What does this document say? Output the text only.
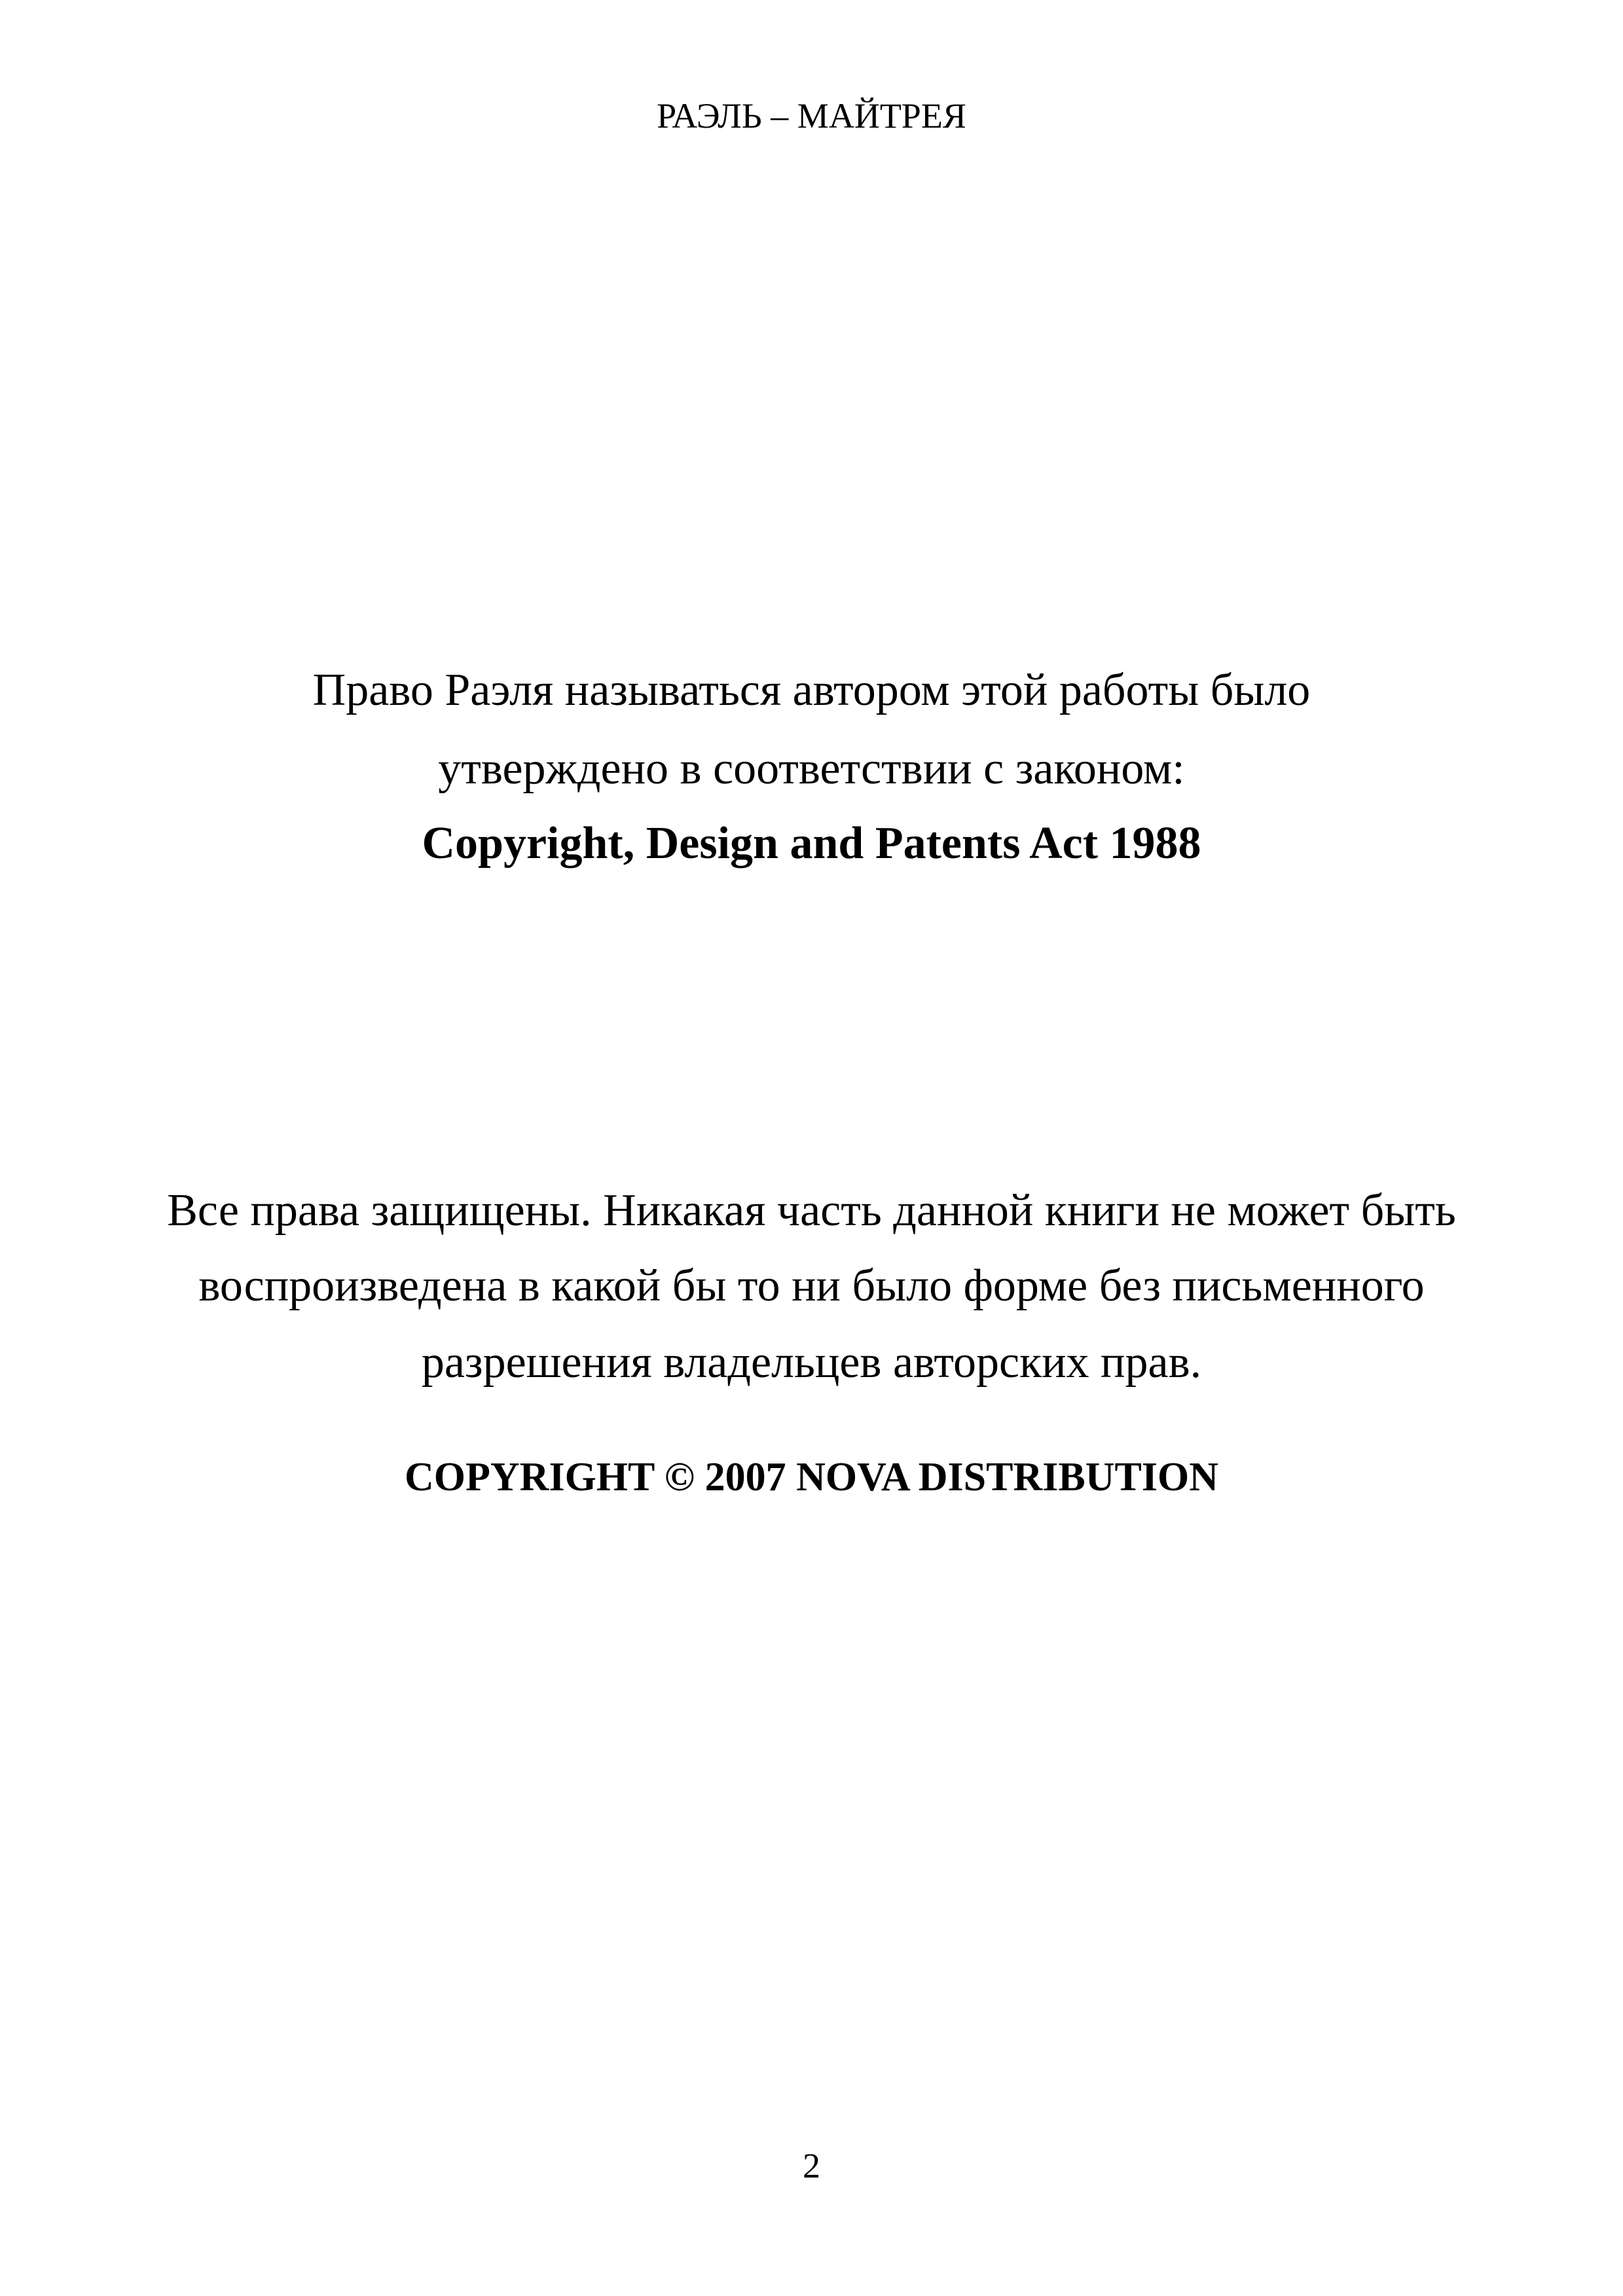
РАЭЛЬ – МАЙТРЕЯ
Право Раэля называться автором этой работы было
утверждено в соответствии с законом:
Copyright, Design and Patents Act 1988
Все права защищены. Никакая часть данной книги не может быть
воспроизведена в какой бы то ни было форме без письменного
разрешения владельцев авторских прав.
COPYRIGHT © 2007 NOVA DISTRIBUTION
2
